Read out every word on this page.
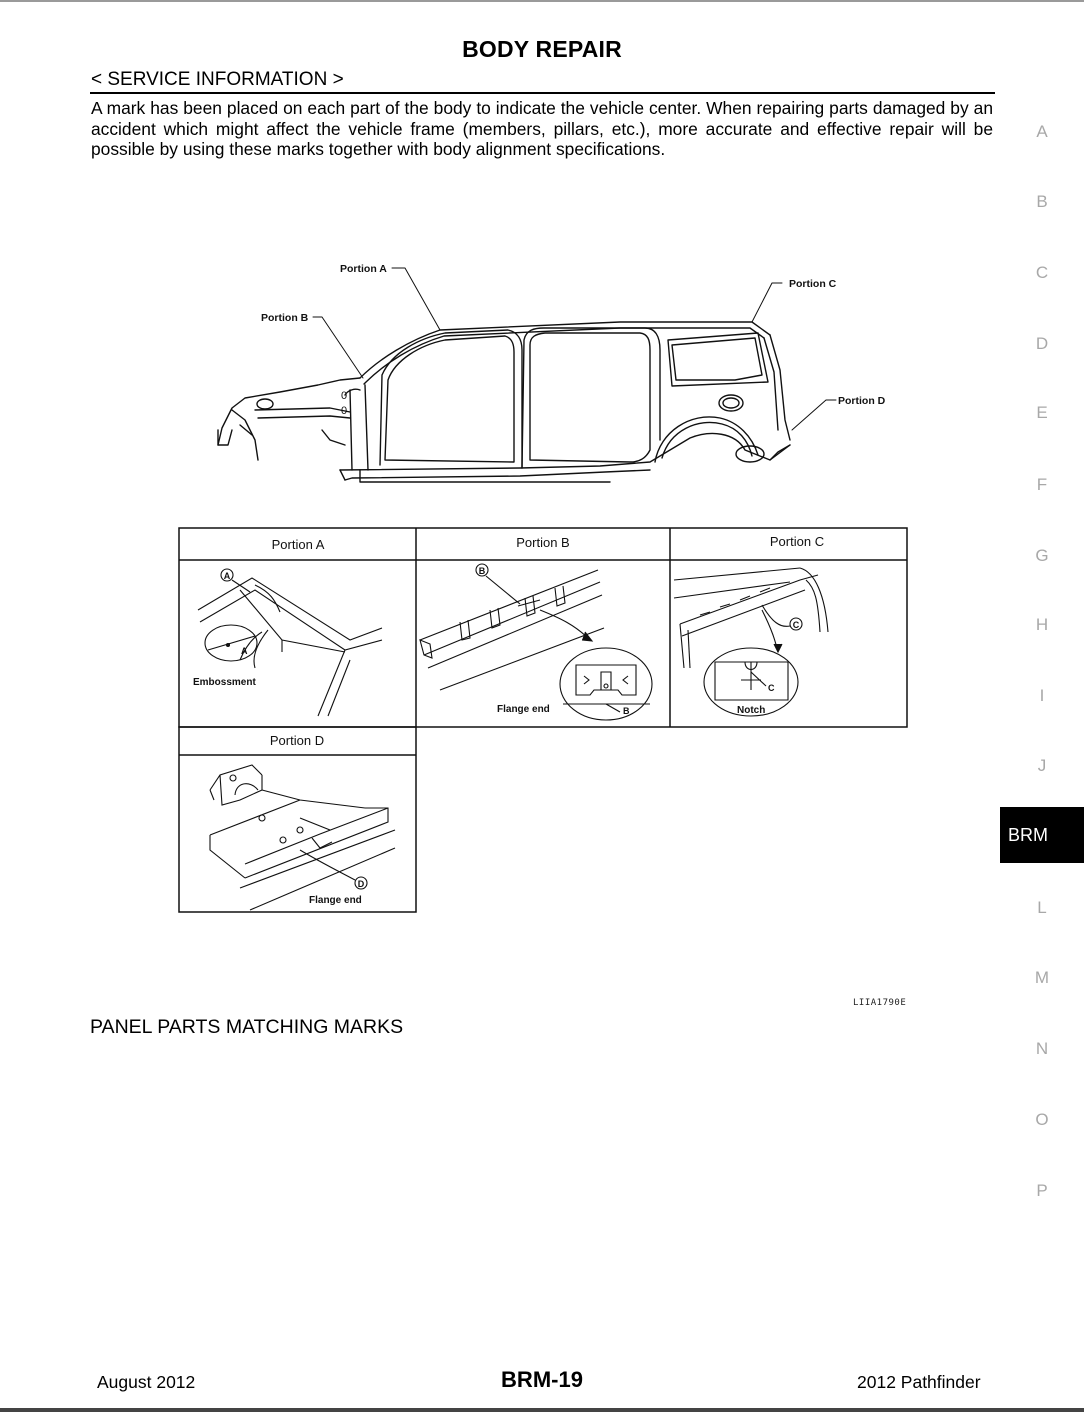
BODY REPAIR
< SERVICE INFORMATION >
A mark has been placed on each part of the body to indicate the vehicle center. When repairing parts damaged by an accident which might affect the vehicle frame (members, pillars, etc.), more accurate and effective repair will be possible by using these marks together with body alignment specifications.
0
0
Portion A
Portion B
Portion C
Portion D
Portion A	Portion B	Portion C
Portion D
A
A
Embossment
B
B
Flange end
C
C
Notch
D
Flange end
LIIA1790E
PANEL PARTS MATCHING MARKS
A
B
C
D
E
F
G
H
I
J
BRM
L
M
N
O
P
August 2012	BRM-19	2012 Pathfinder
